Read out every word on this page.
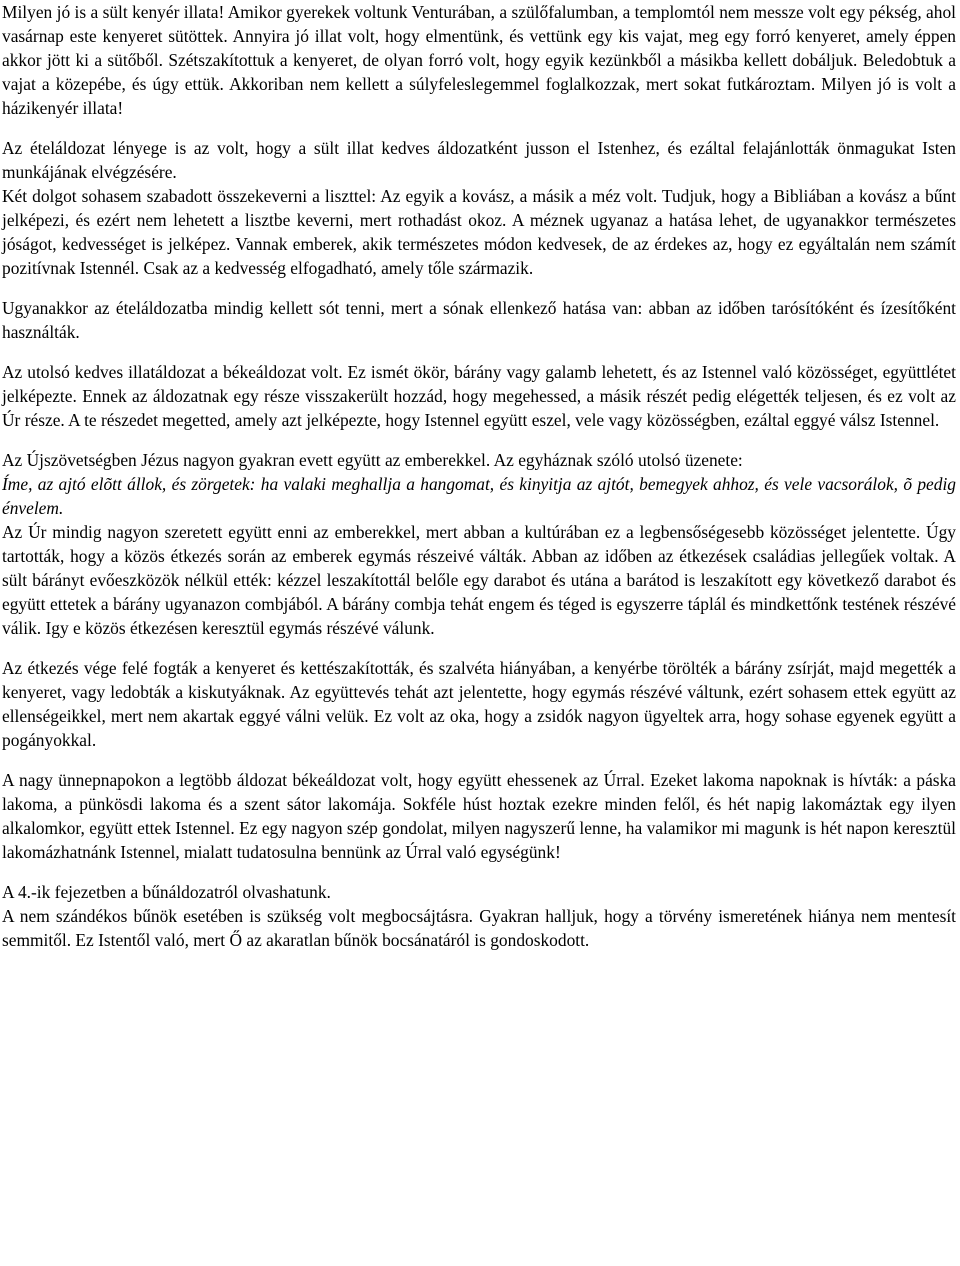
Milyen jó is a sült kenyér illata! Amikor gyerekek voltunk Venturában, a szülőfalumban, a templomtól nem messze volt egy pékség, ahol vasárnap este kenyeret sütöttek. Annyira jó illat volt, hogy elmentünk, és vettünk egy kis vajat, meg egy forró kenyeret, amely éppen akkor jött ki a sütőből. Szétszakítottuk a kenyeret, de olyan forró volt, hogy egyik kezünkből a másikba kellett dobáljuk. Beledobtuk a vajat a közepébe, és úgy ettük. Akkoriban nem kellett a súlyfeleslegemmel foglalkozzak, mert sokat futkároztam. Milyen jó is volt a házikenyér illata!

Az ételáldozat lényege is az volt, hogy a sült illat kedves áldozatként jusson el Istenhez, és ezáltal felajánlották önmagukat Isten munkájának elvégzésére.

Két dolgot sohasem szabadott összekeverni a liszttel: Az egyik a kovász, a másik a méz volt. Tudjuk, hogy a Bibliában a kovász a bűnt jelképezi, és ezért nem lehetett a lisztbe keverni, mert rothadást okoz. A méznek ugyanaz a hatása lehet, de ugyanakkor természetes jóságot, kedvességet is jelképez. Vannak emberek, akik természetes módon kedvesek, de az érdekes az, hogy ez egyáltalán nem számít pozitívnak Istennél. Csak az a kedvesség elfogadható, amely tőle származik.

Ugyanakkor az ételáldozatba mindig kellett sót tenni, mert a sónak ellenkező hatása van: abban az időben tarósítóként és ízesítőként használták.

Az utolsó kedves illatáldozat a békeáldozat volt. Ez ismét ökör, bárány vagy galamb lehetett, és az Istennel való közösséget, együttlétet jelképezte. Ennek az áldozatnak egy része visszakerült hozzád, hogy megehessed, a másik részét pedig elégették teljesen, és ez volt az Úr része. A te részedet megetted, amely azt jelképezte, hogy Istennel együtt eszel, vele vagy közösségben, ezáltal eggyé válsz Istennel.

Az Újszövetségben Jézus nagyon gyakran evett együtt az emberekkel. Az egyháznak szóló utolsó üzenete:

Íme, az ajtó elõtt állok, és zörgetek: ha valaki meghallja a hangomat, és kinyitja az ajtót, bemegyek ahhoz, és vele vacsorálok, õ pedig énvelem.

Az Úr mindig nagyon szeretett együtt enni az emberekkel, mert abban a kultúrában ez a legbensőségesebb közösséget jelentette. Úgy tartották, hogy a közös étkezés során az emberek egymás részeivé válták. Abban az időben az étkezések családias jellegűek voltak. A sült bárányt evőeszközök nélkül ették: kézzel leszakítottál belőle egy darabot és utána a barátod is leszakított egy következő darabot és együtt ettetek a bárány ugyanazon combjából. A bárány combja tehát engem és téged is egyszerre táplál és mindkettőnk testének részévé válik. Igy e közös étkezésen keresztül egymás részévé válunk.

Az étkezés vége felé fogták a kenyeret és kettészakították, és szalvéta hiányában, a kenyérbe törölték a bárány zsírját, majd megették a kenyeret, vagy ledobták a kiskutyáknak. Az együttevés tehát azt jelentette, hogy egymás részévé váltunk, ezért sohasem ettek együtt az ellenségeikkel, mert nem akartak eggyé válni velük. Ez volt az oka, hogy a zsidók nagyon ügyeltek arra, hogy sohase egyenek együtt a pogányokkal.

A nagy ünnepnapokon a legtöbb áldozat békeáldozat volt, hogy együtt ehessenek az Úrral. Ezeket lakoma napoknak is hívták: a páska lakoma, a pünkösdi lakoma és a szent sátor lakomája. Sokféle húst hoztak ezekre minden felől, és hét napig lakomáztak egy ilyen alkalomkor, együtt ettek Istennel. Ez egy nagyon szép gondolat, milyen nagyszerű lenne, ha valamikor mi magunk is hét napon keresztül lakomázhatnánk Istennel, mialatt tudatosulna bennünk az Úrral való egységünk!

A 4.-ik fejezetben a bűnáldozatról olvashatunk.

A nem szándékos bűnök esetében is szükség volt megbocsájtásra. Gyakran halljuk, hogy a törvény ismeretének hiánya nem mentesít semmitől. Ez Istentől való, mert Ő az akaratlan bűnök bocsánatáról is gondoskodott.
